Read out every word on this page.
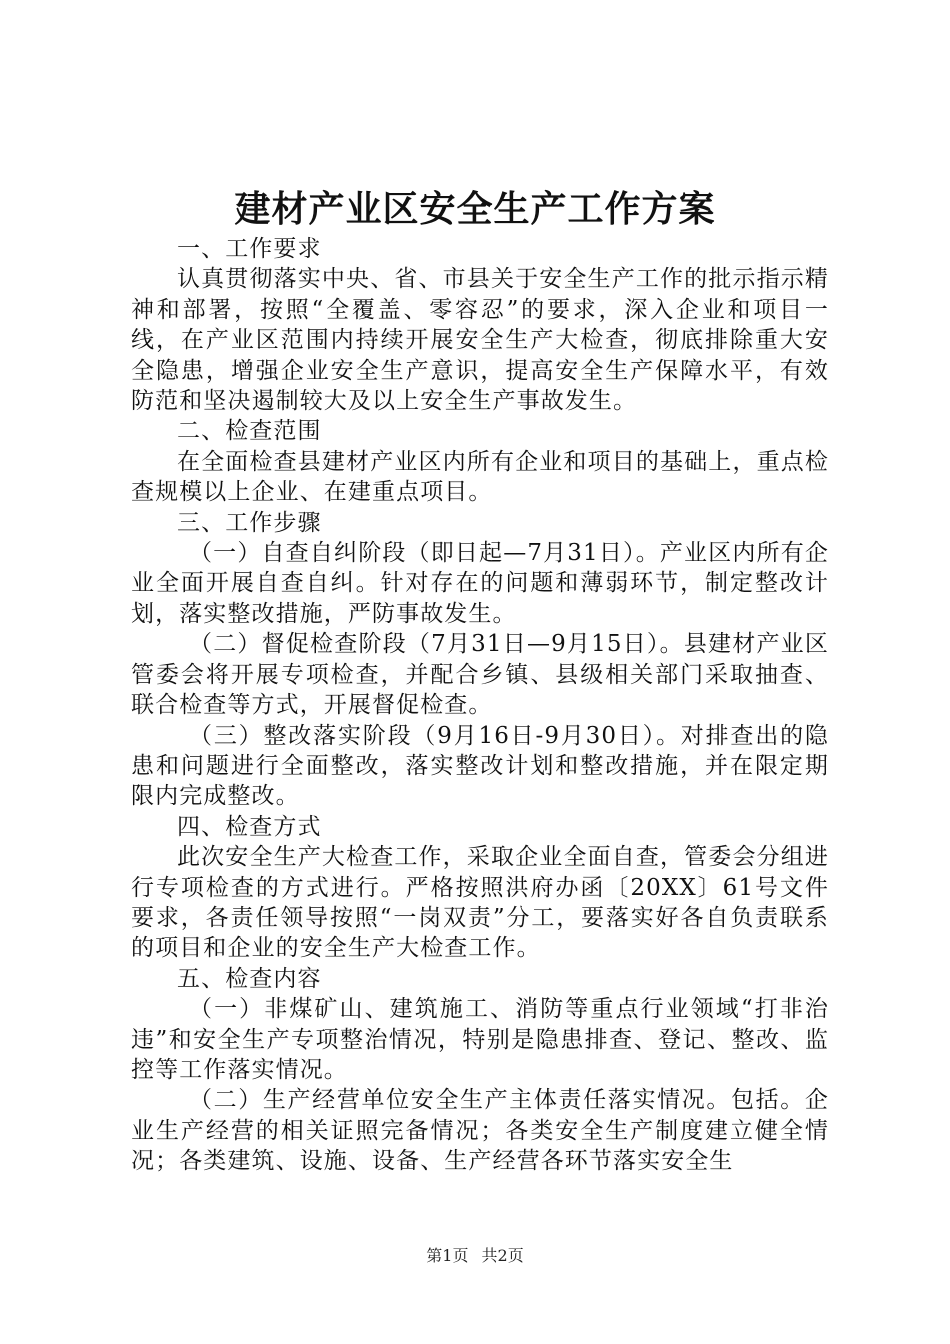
建材产业区安全生产工作方案

一、工作要求

认真贯彻落实中央、省、市县关于安全生产工作的批示指示精神和部署，按照“全覆盖、零容忍”的要求，深入企业和项目一线，在产业区范围内持续开展安全生产大检查，彻底排除重大安全隐患，增强企业安全生产意识，提高安全生产保障水平，有效防范和坚决遏制较大及以上安全生产事故发生。

二、检查范围

在全面检查县建材产业区内所有企业和项目的基础上，重点检查规模以上企业、在建重点项目。

三、工作步骤

（一）自查自纠阶段（即日起—7月31日）。产业区内所有企业全面开展自查自纠。针对存在的问题和薄弱环节，制定整改计划，落实整改措施，严防事故发生。

（二）督促检查阶段（7月31日—9月15日）。县建材产业区管委会将开展专项检查，并配合乡镇、县级相关部门采取抽查、联合检查等方式，开展督促检查。

（三）整改落实阶段（9月16日-9月30日）。对排查出的隐患和问题进行全面整改，落实整改计划和整改措施，并在限定期限内完成整改。

四、检查方式

此次安全生产大检查工作，采取企业全面自查，管委会分组进行专项检查的方式进行。严格按照洪府办函〔20XX〕61号文件要求，各责任领导按照“一岗双责”分工，要落实好各自负责联系的项目和企业的安全生产大检查工作。

五、检查内容

（一）非煤矿山、建筑施工、消防等重点行业领域“打非治违”和安全生产专项整治情况，特别是隐患排查、登记、整改、监控等工作落实情况。

（二）生产经营单位安全生产主体责任落实情况。包括。企业生产经营的相关证照完备情况；各类安全生产制度建立健全情况；各类建筑、设施、设备、生产经营各环节落实安全生

第1页 共2页
